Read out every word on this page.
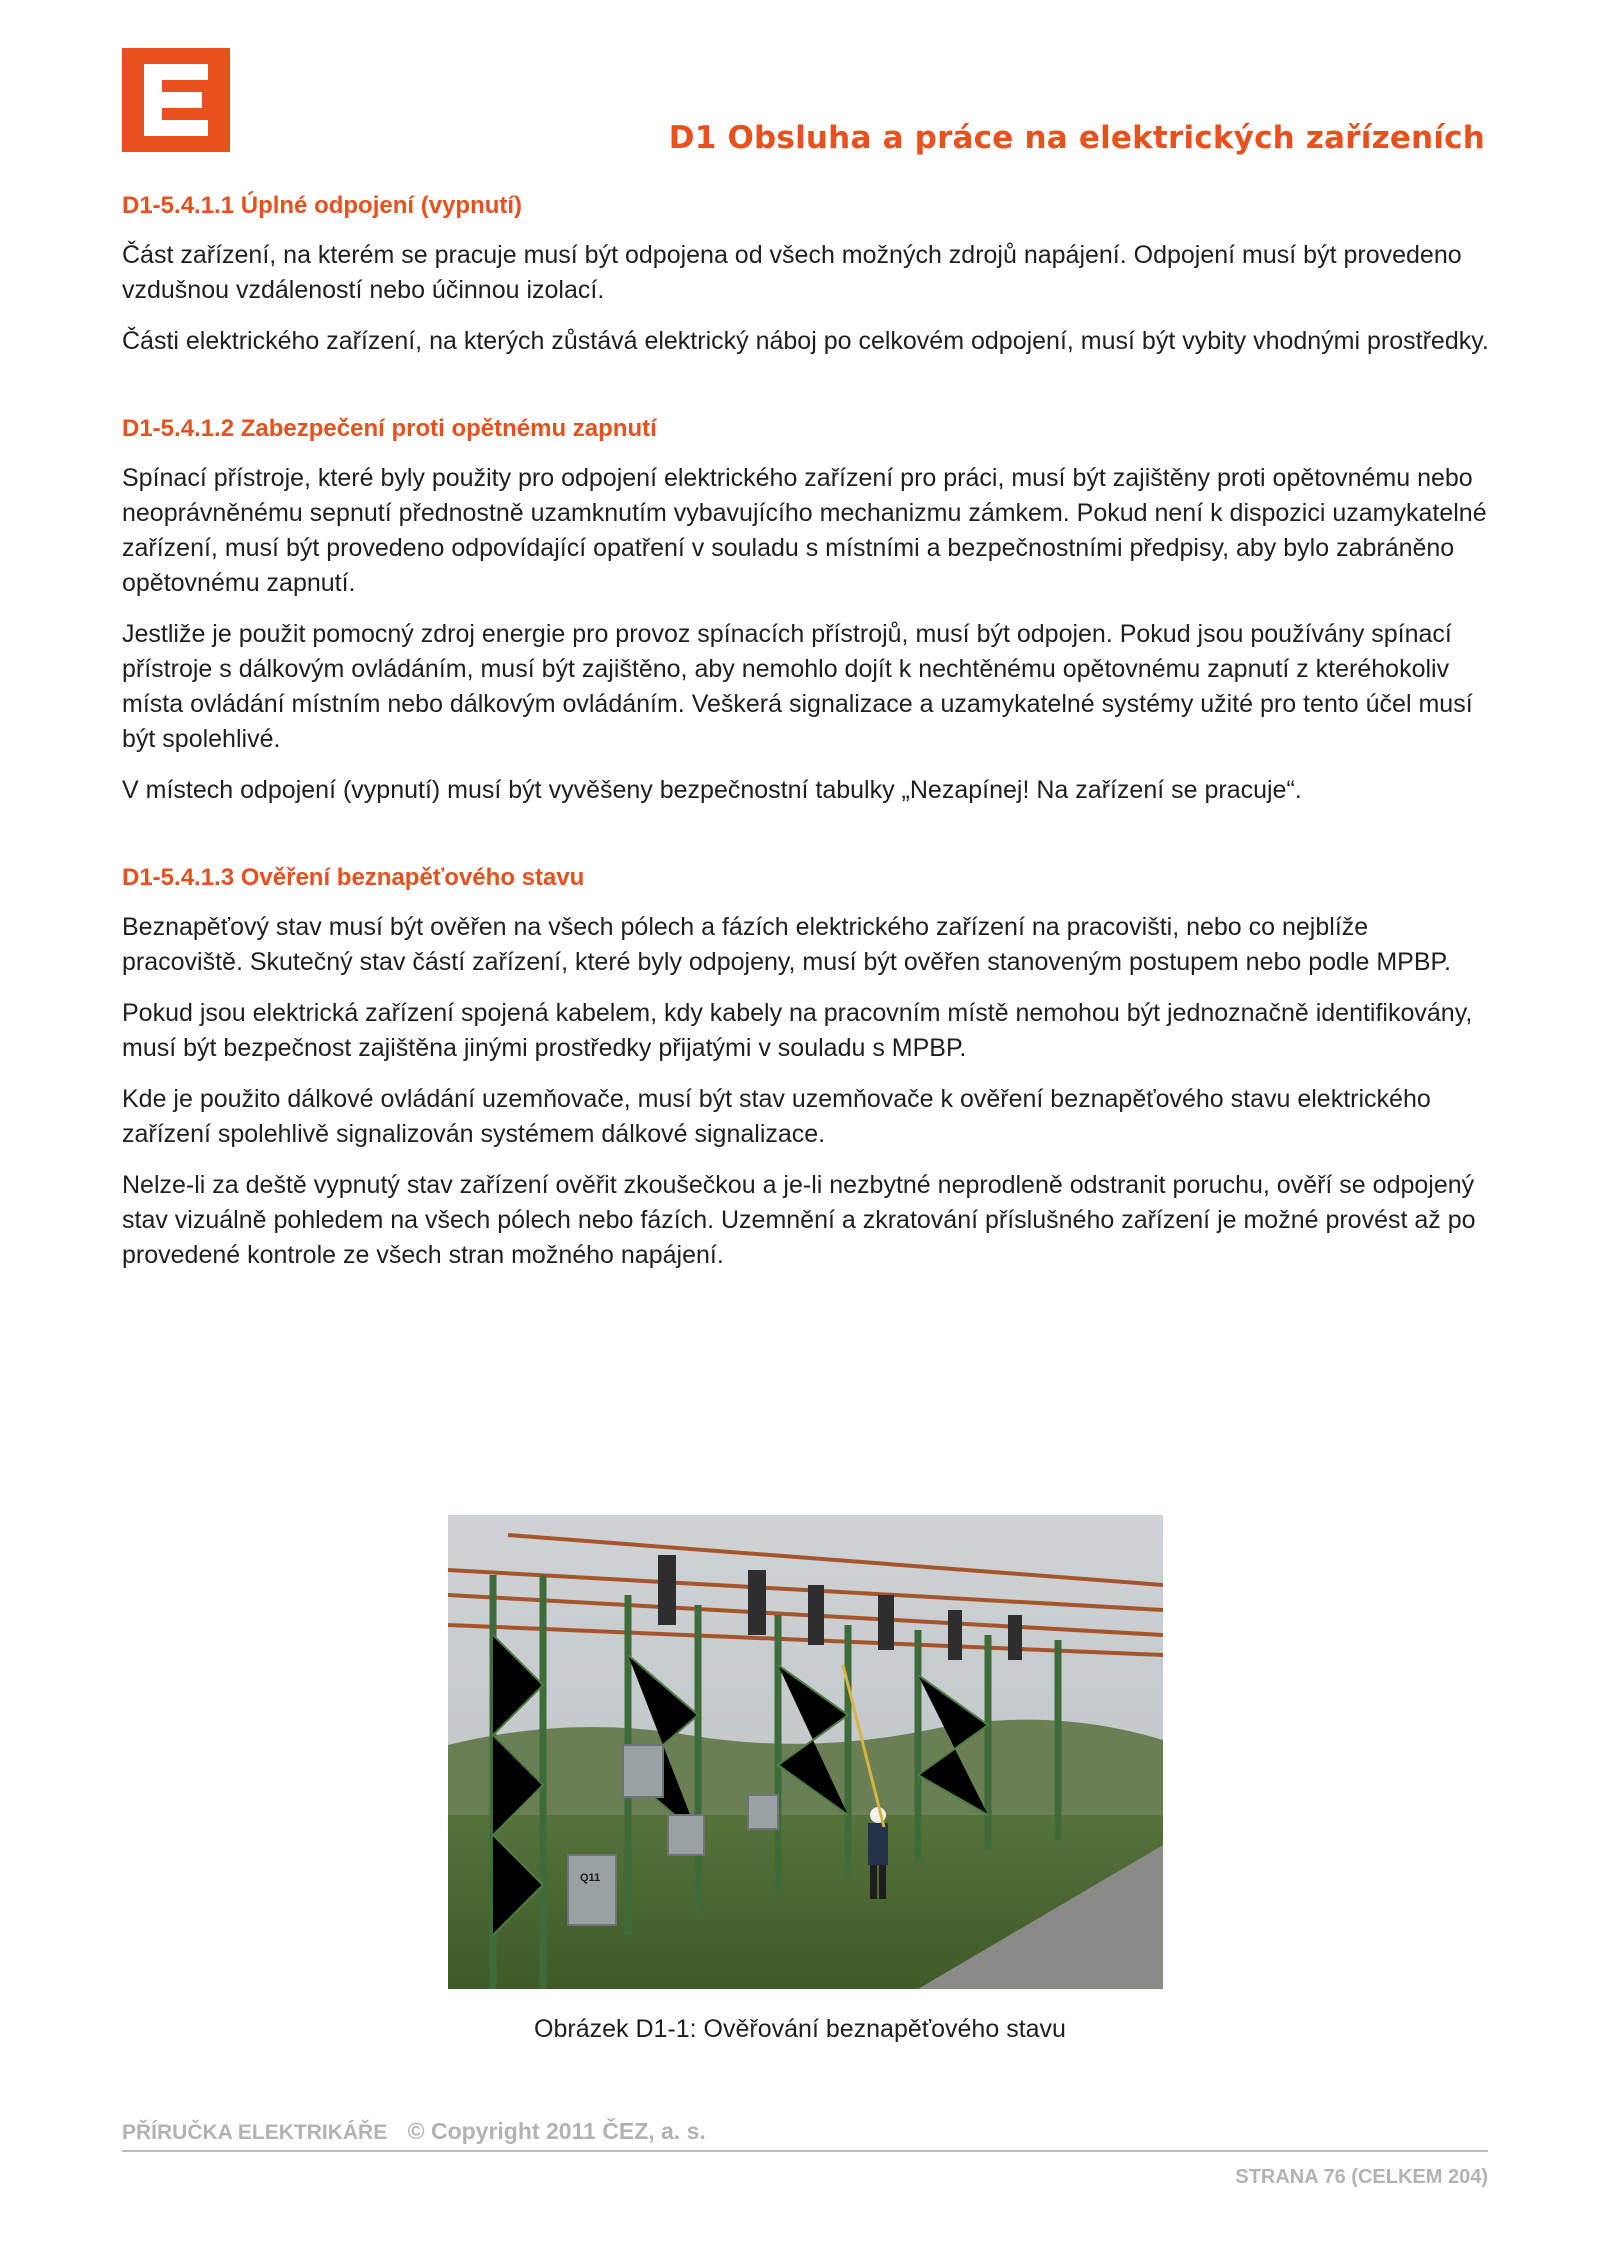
D1 Obsluha a práce na elektrických zařízeních
D1-5.4.1.1 Úplné odpojení (vypnutí)

Část zařízení, na kterém se pracuje musí být odpojena od všech možných zdrojů napájení. Odpojení musí být provedeno vzdušnou vzdáleností nebo účinnou izolací.

Části elektrického zařízení, na kterých zůstává elektrický náboj po celkovém odpojení, musí být vybity vhodnými prostředky.

D1-5.4.1.2 Zabezpečení proti opětnému zapnutí

Spínací přístroje, které byly použity pro odpojení elektrického zařízení pro práci, musí být zajištěny proti opětovnému nebo neoprávněnému sepnutí přednostně uzamknutím vybavujícího mechanizmu zámkem. Pokud není k dispozici uzamykatelné zařízení, musí být provedeno odpovídající opatření v souladu s místními a bezpečnostními předpisy, aby bylo zabráněno opětovnému zapnutí.

Jestliže je použit pomocný zdroj energie pro provoz spínacích přístrojů, musí být odpojen. Pokud jsou používány spínací přístroje s dálkovým ovládáním, musí být zajištěno, aby nemohlo dojít k nechtěnému opětovnému zapnutí z kteréhokoliv místa ovládání místním nebo dálkovým ovládáním. Veškerá signalizace a uzamykatelné systémy užité pro tento účel musí být spolehlivé.

V místech odpojení (vypnutí) musí být vyvěšeny bezpečnostní tabulky „Nezapínej! Na zařízení se pracuje“.

D1-5.4.1.3 Ověření beznapěťového stavu

Beznapěťový stav musí být ověřen na všech pólech a fázích elektrického zařízení na pracovišti, nebo co nejblíže pracoviště. Skutečný stav částí zařízení, které byly odpojeny, musí být ověřen stanoveným postupem nebo podle MPBP.

Pokud jsou elektrická zařízení spojená kabelem, kdy kabely na pracovním místě nemohou být jednoznačně identifikovány, musí být bezpečnost zajištěna jinými prostředky přijatými v souladu s MPBP.

Kde je použito dálkové ovládání uzemňovače, musí být stav uzemňovače k ověření beznapěťového stavu elektrického zařízení spolehlivě signalizován systémem dálkové signalizace.

Nelze-li za deště vypnutý stav zařízení ověřit zkoušečkou a je-li nezbytné neprodleně odstranit poruchu, ověří se odpojený stav vizuálně pohledem na všech pólech nebo fázích. Uzemnění a zkratování příslušného zařízení je možné provést až po provedené kontrole ze všech stran možného napájení.

Q11
Obrázek D1-1: Ověřování beznapěťového stavu
PŘÍRUČKA ELEKTRIKÁŘE © Copyright 2011 ČEZ, a. s.
STRANA 76 (CELKEM 204)
